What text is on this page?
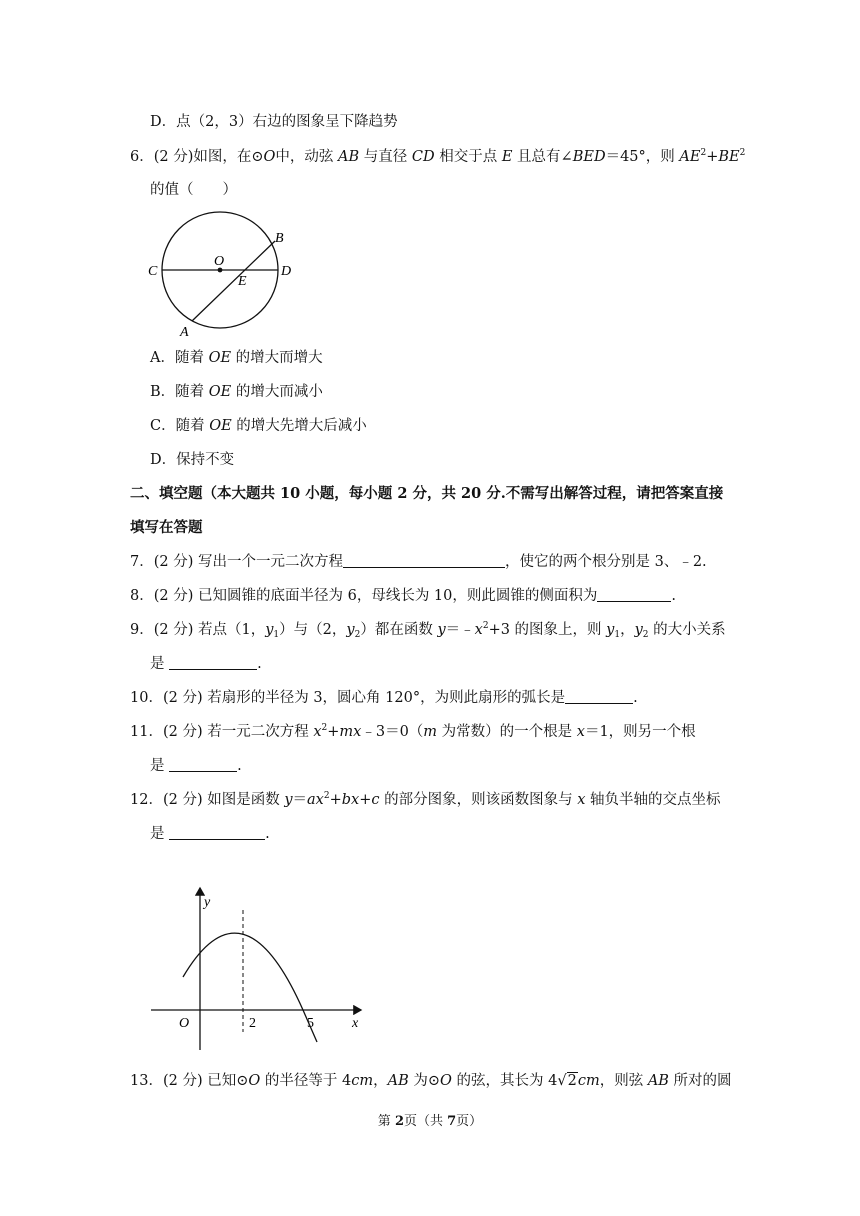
D．点（2，3）右边的图象呈下降趋势
6．(2 分)如图，在⊙O中，动弦 AB 与直径 CD 相交于点 E 且总有∠BED＝45°，则 $AE^2+BE^2$
的值（　　）
B
C
O
E
D
A
A．随着 OE 的增大而增大
B．随着 OE 的增大而减小
C．随着 OE 的增大先增大后减小
D．保持不变
二、填空题（本大题共 10 小题，每小题 2 分，共 20 分.不需写出解答过程，请把答案直接
填写在答题
7．(2 分) 写出一个一元二次方程	，使它的两个根分别是 3、﹣2.
8．(2 分) 已知圆锥的底面半径为 6，母线长为 10，则此圆锥的侧面积为	.
9．(2 分) 若点（1，$y_1$）与（2，$y_2$）都在函数 $y=﹣x^2+3$ 的图象上，则 $y_1$，$y_2$ 的大小关系
是	.
10．(2 分) 若扇形的半径为 3，圆心角 120°，为则此扇形的弧长是	.
11．(2 分) 若一元二次方程 $x^2+mx﹣3=0(m$ 为常数）的一个根是 x＝1，则另一个根
是	.
12．(2 分) 如图是函数 $y=ax^2+bx+c$ 的部分图象，则该函数图象与 x 轴负半轴的交点坐标
是	.
y
O	2	5	x
13．(2 分) 已知⊙O 的半径等于 4cm，AB 为⊙O 的弦，其长为 4√2cm，则弦 AB 所对的圆
第 2页（共 7页）
